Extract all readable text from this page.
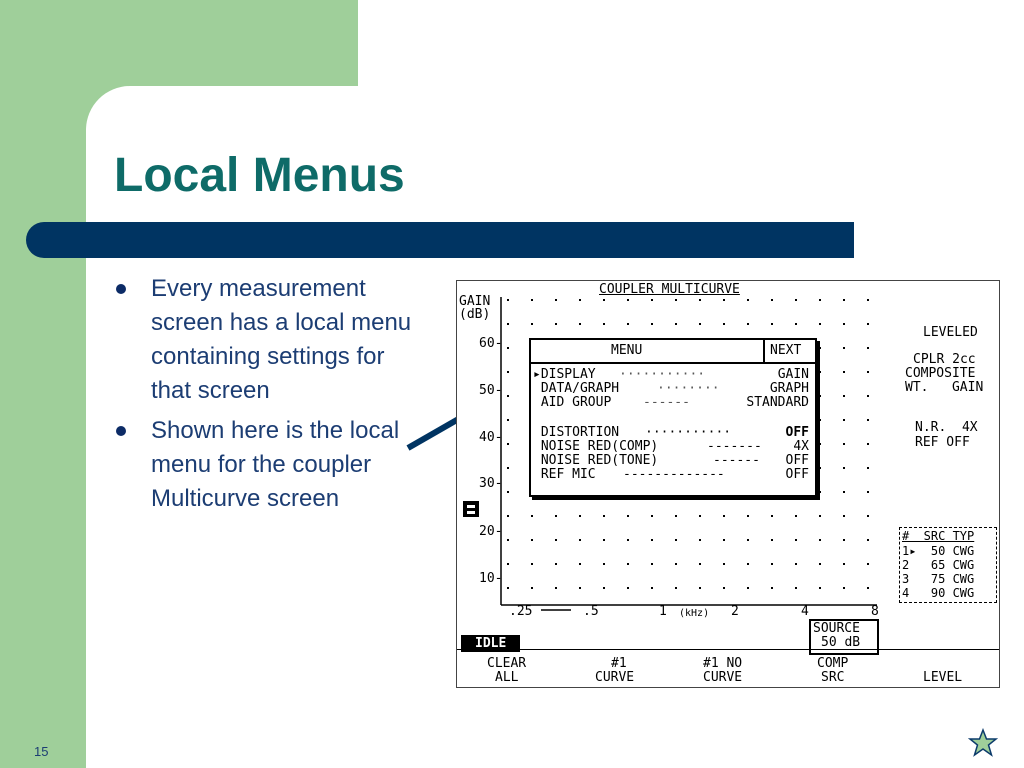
Local Menus
Every measurement screen has a local menu containing settings for that screen
Shown here is the local menu for the coupler Multicurve screen
COUPLER MULTICURVE
GAIN
(dB)
60-
50-
40-
30-
20-
10-
.25	.5	1 (kHz) 2	4	8
LEVELED
CPLR 2cc
COMPOSITE
WT.   GAIN
N.R.  4X
REF OFF
#  SRC TYP
1▸  50 CWG
2   65 CWG
3   75 CWG
4   90 CWG
MENU	NEXT
▸DISPLAY ···········	GAIN
DATA/GRAPH	········	GRAPH
AID GROUP ------	STANDARD
DISTORTION ···········	OFF
NOISE RED(COMP)	------- 4X
NOISE RED(TONE)	------ OFF
REF MIC -------------	OFF
IDLE
SOURCE
50 dB
CLEAR
ALL
#1
CURVE
#1 NO
CURVE
COMP
SRC	LEVEL
15
